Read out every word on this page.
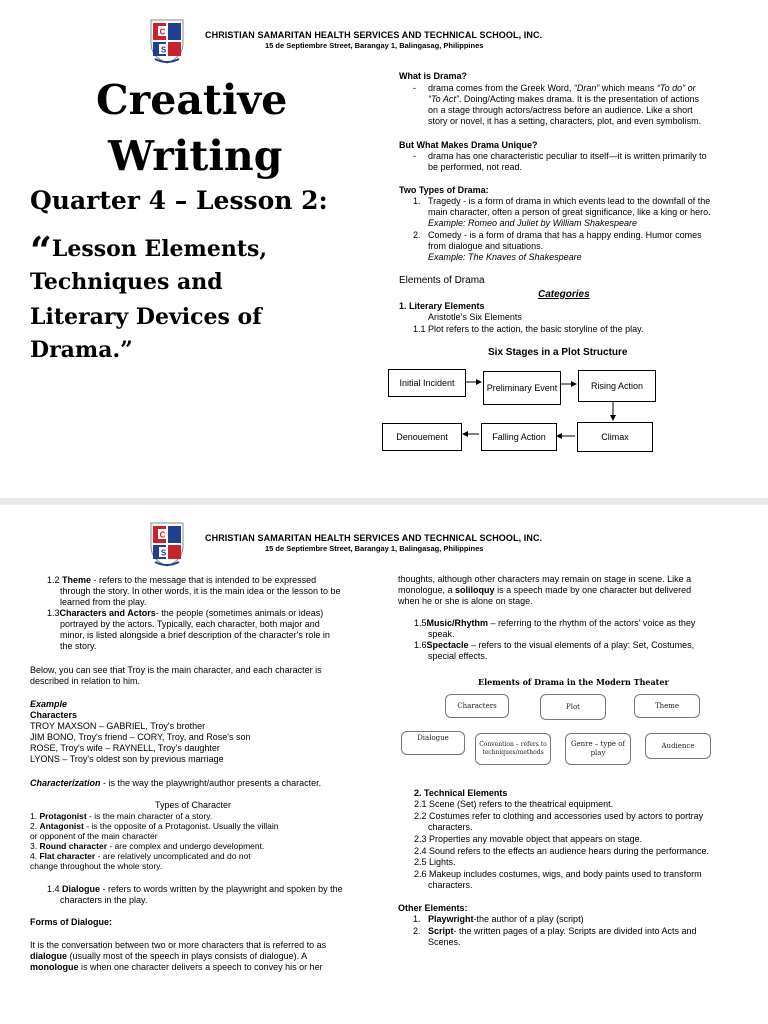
C
S
CHRISTIAN SAMARITAN HEALTH SERVICES AND TECHNICAL SCHOOL, INC.
15 de Septiembre Street, Barangay 1, Balingasag, Philippines
Creative
Writing
Quarter 4 – Lesson 2:
“Lesson Elements,
Techniques and
Literary Devices of
Drama.”
What is Drama?
- drama comes from the Greek Word, “Dran” which means “To do” or
“To Act”. Doing/Acting makes drama. It is the presentation of actions
on a stage through actors/actress before an audience. Like a short
story or novel, it has a setting, characters, plot, and even symbolism.
But What Makes Drama Unique?
- drama has one characteristic peculiar to itself—it is written primarily to
be performed, not read.
Two Types of Drama:
1. Tragedy - is a form of drama in which events lead to the downfall of the
main character, often a person of great significance, like a king or hero.
Example: Romeo and Juliet by William Shakespeare
2. Comedy - is a form of drama that has a happy ending. Humor comes
from dialogue and situations.
Example: The Knaves of Shakespeare
Elements of Drama
Categories
1. Literary Elements
Aristotle’s Six Elements
1.1 Plot refers to the action, the basic storyline of the play.
Six Stages in a Plot Structure
Initial Incident	Preliminary Event	Rising Action
Climax
Falling Action
Denouement
C
S
CHRISTIAN SAMARITAN HEALTH SERVICES AND TECHNICAL SCHOOL, INC.
15 de Septiembre Street, Barangay 1, Balingasag, Philippines
1.2 Theme - refers to the message that is intended to be expressed
through the story. In other words, it is the main idea or the lesson to be
learned from the play.
1.3Characters and Actors- the people (sometimes animals or ideas)
portrayed by the actors. Typically, each character, both major and
minor, is listed alongside a brief description of the character's role in
the story.
Below, you can see that Troy is the main character, and each character is
described in relation to him.
Example
Characters
TROY MAXSON – GABRIEL, Troy's brother
JIM BONO, Troy's friend – CORY, Troy, and Rose's son
ROSE, Troy's wife – RAYNELL, Troy's daughter
LYONS – Troy's oldest son by previous marriage
Characterization - is the way the playwright/author presents a character.
Types of Character
1. Protagonist - is the main character of a story.
2. Antagonist - is the opposite of a Protagonist. Usually the villain
or opponent of the main character
3. Round character - are complex and undergo development.
4. Flat character - are relatively uncomplicated and do not
change throughout the whole story.
1.4 Dialogue - refers to words written by the playwright and spoken by the
characters in the play.
Forms of Dialogue:
It is the conversation between two or more characters that is referred to as
dialogue (usually most of the speech in plays consists of dialogue). A
monologue is when one character delivers a speech to convey his or her
thoughts, although other characters may remain on stage in scene. Like a
monologue, a soliloquy is a speech made by one character but delivered
when he or she is alone on stage.
1.5Music/Rhythm – referring to the rhythm of the actors' voice as they
speak.
1.6Spectacle – refers to the visual elements of a play: Set, Costumes,
special effects.
Elements of Drama in the Modern Theater
Characters	Plot	Theme
Dialogue
Convention – refers to techniques/methods
Genre – type of play
Audience
2. Technical Elements
2.1 Scene (Set) refers to the theatrical equipment.
2.2 Costumes refer to clothing and accessories used by actors to portray
characters.
2.3 Properties any movable object that appears on stage.
2.4 Sound refers to the effects an audience hears during the performance.
2.5 Lights.
2.6 Makeup includes costumes, wigs, and body paints used to transform
characters.
Other Elements:
1. Playwright-the author of a play (script)
2. Script- the written pages of a play. Scripts are divided into Acts and
Scenes.
